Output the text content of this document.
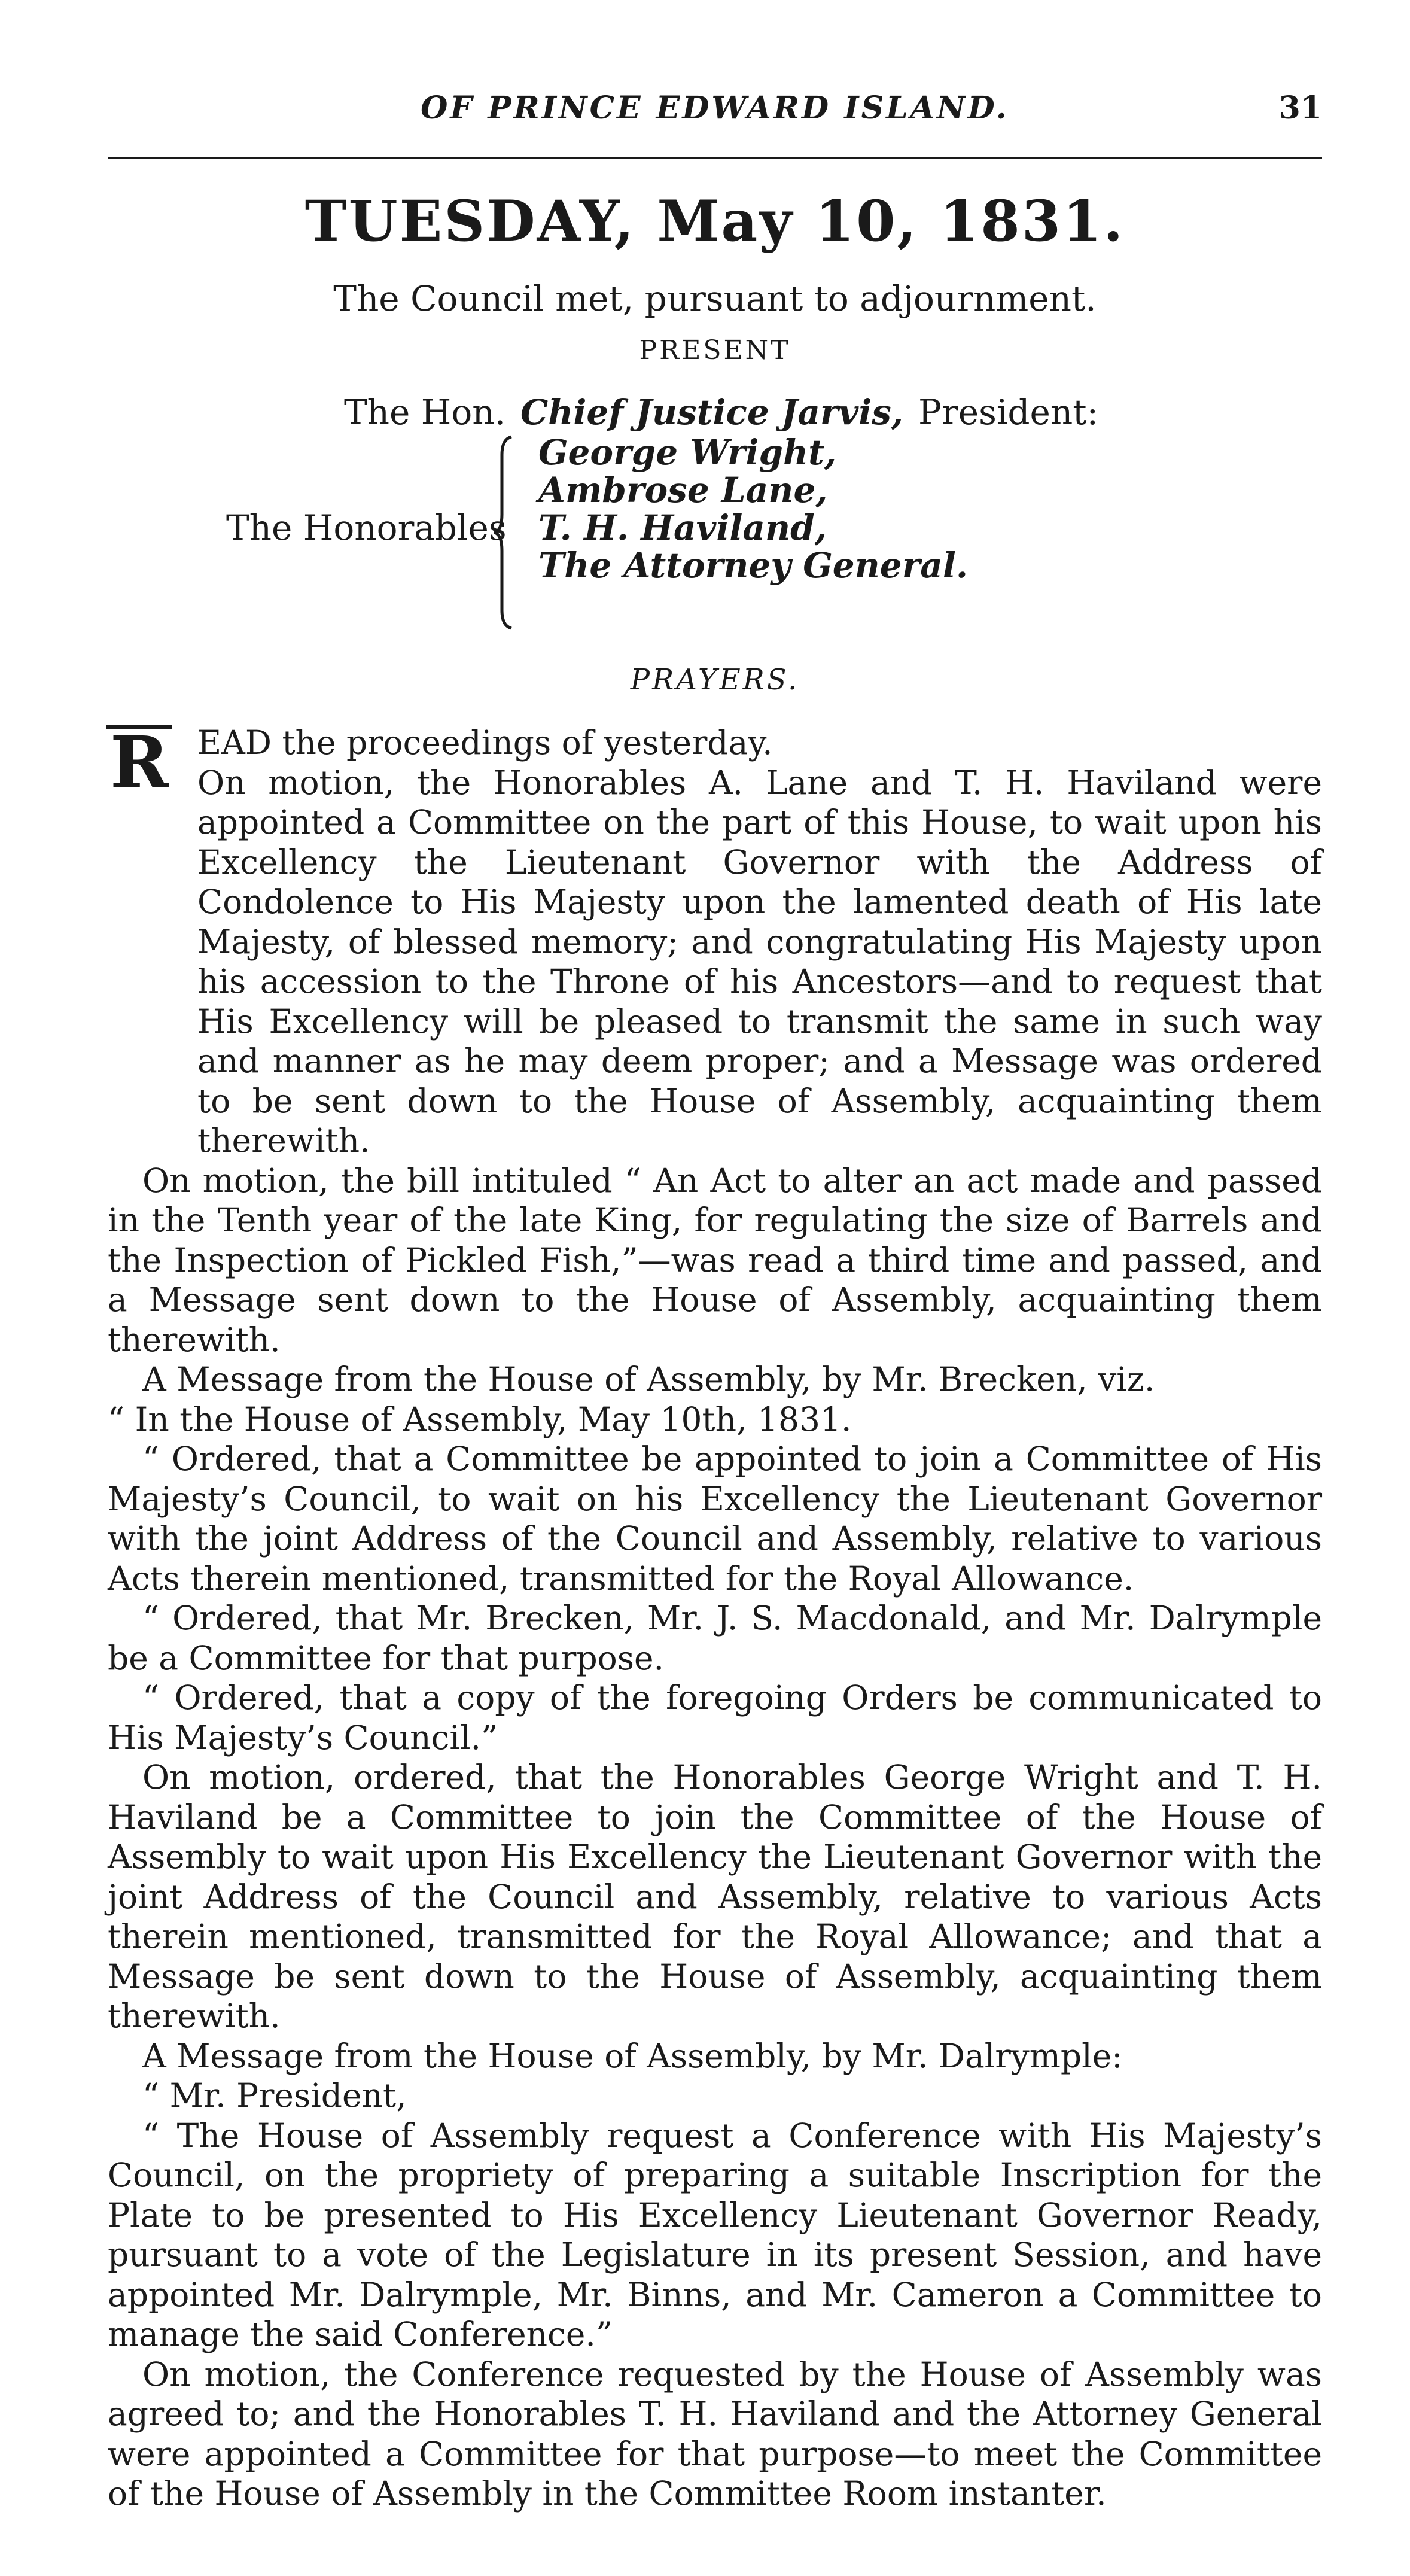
OF PRINCE EDWARD ISLAND.	31
TUESDAY, May 10, 1831.
The Council met, pursuant to adjournment.
PRESENT
The Hon. Chief Justice Jarvis, President:
The Honorables
George Wright,
Ambrose Lane,
T. H. Haviland,
The Attorney General.
PRAYERS.
R EAD the proceedings of yesterday.

On motion, the Honorables A. Lane and T. H. Haviland were appointed a Committee on the part of this House, to wait upon his Excellency the Lieutenant Governor with the Address of Condolence to His Majesty upon the lamented death of His late Majesty, of blessed memory; and congratulating His Majesty upon his accession to the Throne of his Ancestors—and to request that His Excellency will be pleased to transmit the same in such way and manner as he may deem proper; and a Message was ordered to be sent down to the House of Assembly, acquainting them therewith.

On motion, the bill intituled “ An Act to alter an act made and passed in the Tenth year of the late King, for regulating the size of Barrels and the Inspection of Pickled Fish,”—was read a third time and passed, and a Message sent down to the House of Assembly, acquainting them therewith.

A Message from the House of Assembly, by Mr. Brecken, viz.

“ In the House of Assembly, May 10th, 1831.

“ Ordered, that a Committee be appointed to join a Committee of His Majesty’s Council, to wait on his Excellency the Lieutenant Governor with the joint Address of the Council and Assembly, relative to various Acts therein mentioned, transmitted for the Royal Allowance.

“ Ordered, that Mr. Brecken, Mr. J. S. Macdonald, and Mr. Dalrymple be a Committee for that purpose.

“ Ordered, that a copy of the foregoing Orders be communicated to His Majesty’s Council.”

On motion, ordered, that the Honorables George Wright and T. H. Haviland be a Committee to join the Committee of the House of Assembly to wait upon His Excellency the Lieutenant Governor with the joint Address of the Council and Assembly, relative to various Acts therein mentioned, transmitted for the Royal Allowance; and that a Message be sent down to the House of Assembly, acquainting them therewith.

A Message from the House of Assembly, by Mr. Dalrymple:

“ Mr. President,

“ The House of Assembly request a Conference with His Majesty’s Council, on the propriety of preparing a suitable Inscription for the Plate to be presented to His Excellency Lieutenant Governor Ready, pursuant to a vote of the Legislature in its present Session, and have appointed Mr. Dalrymple, Mr. Binns, and Mr. Cameron a Committee to manage the said Conference.”

On motion, the Conference requested by the House of Assembly was agreed to; and the Honorables T. H. Haviland and the Attorney General were appointed a Committee for that purpose—to meet the Committee of the House of Assembly in the Committee Room instanter.
